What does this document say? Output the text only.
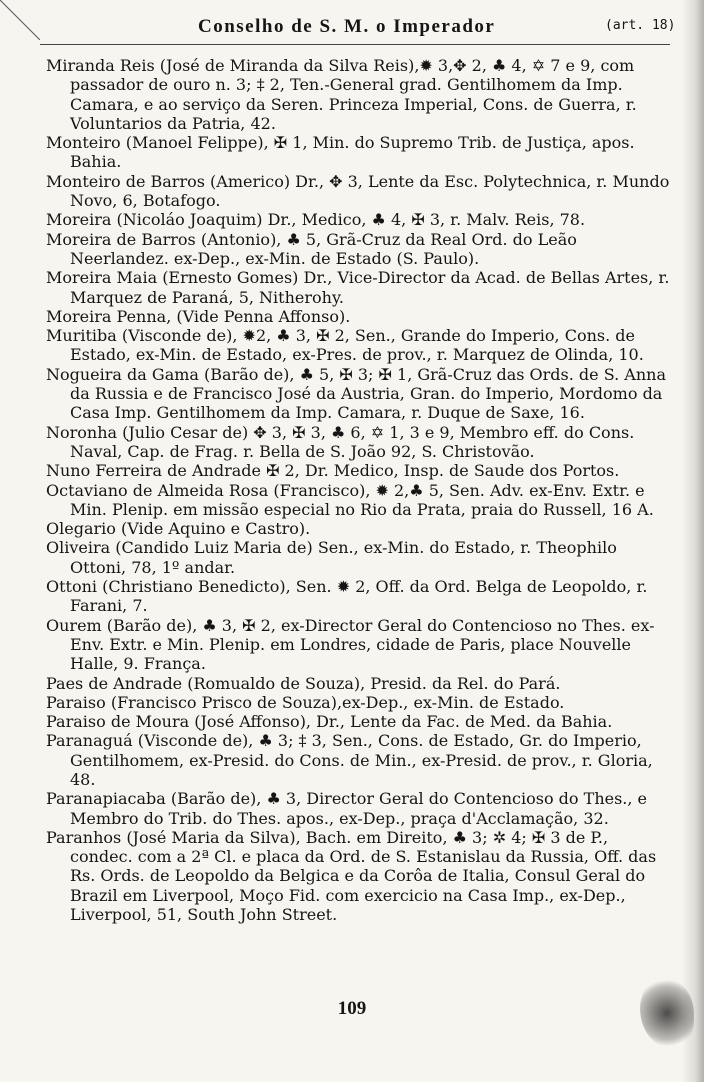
Conselho de S. M. o Imperador	(art. 18)

Miranda Reis (José de Miranda da Silva Reis),✹ 3,✥ 2, ♣ 4, ✡ 7 e 9, com passador de ouro n. 3; ‡ 2, Ten.-General grad. Gentilhomem da Imp. Camara, e ao serviço da Seren. Princeza Imperial, Cons. de Guerra, r. Voluntarios da Patria, 42.

Monteiro (Manoel Felippe), ✠ 1, Min. do Supremo Trib. de Justiça, apos. Bahia.

Monteiro de Barros (Americo) Dr., ✥ 3, Lente da Esc. Polytechnica, r. Mundo Novo, 6, Botafogo.

Moreira (Nicoláo Joaquim) Dr., Medico, ♣ 4, ✠ 3, r. Malv. Reis, 78.

Moreira de Barros (Antonio), ♣ 5, Grã-Cruz da Real Ord. do Leão Neerlandez. ex-Dep., ex-Min. de Estado (S. Paulo).

Moreira Maia (Ernesto Gomes) Dr., Vice-Director da Acad. de Bellas Artes, r. Marquez de Paraná, 5, Nitherohy.

Moreira Penna, (Vide Penna Affonso).

Muritiba (Visconde de), ✹2, ♣ 3, ✠ 2, Sen., Grande do Imperio, Cons. de Estado, ex-Min. de Estado, ex-Pres. de prov., r. Marquez de Olinda, 10.

Nogueira da Gama (Barão de), ♣ 5, ✠ 3; ✠ 1, Grã-Cruz das Ords. de S. Anna da Russia e de Francisco José da Austria, Gran. do Imperio, Mordomo da Casa Imp. Gentilhomem da Imp. Camara, r. Duque de Saxe, 16.

Noronha (Julio Cesar de) ✥ 3, ✠ 3, ♣ 6, ✡ 1, 3 e 9, Membro eff. do Cons. Naval, Cap. de Frag. r. Bella de S. João 92, S. Christovão.

Nuno Ferreira de Andrade ✠ 2, Dr. Medico, Insp. de Saude dos Portos.

Octaviano de Almeida Rosa (Francisco), ✹ 2,♣ 5, Sen. Adv. ex-Env. Extr. e Min. Plenip. em missão especial no Rio da Prata, praia do Russell, 16 A.

Olegario (Vide Aquino e Castro).

Oliveira (Candido Luiz Maria de) Sen., ex-Min. do Estado, r. Theophilo Ottoni, 78, 1º andar.

Ottoni (Christiano Benedicto), Sen. ✹ 2, Off. da Ord. Belga de Leopoldo, r. Farani, 7.

Ourem (Barão de), ♣ 3, ✠ 2, ex-Director Geral do Contencioso no Thes. ex-Env. Extr. e Min. Plenip. em Londres, cidade de Paris, place Nouvelle Halle, 9. França.

Paes de Andrade (Romualdo de Souza), Presid. da Rel. do Pará.

Paraiso (Francisco Prisco de Souza),ex-Dep., ex-Min. de Estado.

Paraiso de Moura (José Affonso), Dr., Lente da Fac. de Med. da Bahia.

Paranaguá (Visconde de), ♣ 3; ‡ 3, Sen., Cons. de Estado, Gr. do Imperio, Gentilhomem, ex-Presid. do Cons. de Min., ex-Presid. de prov., r. Gloria, 48.

Paranapiacaba (Barão de), ♣ 3, Director Geral do Contencioso do Thes., e Membro do Trib. do Thes. apos., ex-Dep., praça d'Acclamação, 32.

Paranhos (José Maria da Silva), Bach. em Direito, ♣ 3; ✲ 4; ✠ 3 de P., condec. com a 2ª Cl. e placa da Ord. de S. Estanislau da Russia, Off. das Rs. Ords. de Leopoldo da Belgica e da Corôa de Italia, Consul Geral do Brazil em Liverpool, Moço Fid. com exercicio na Casa Imp., ex-Dep., Liverpool, 51, South John Street.

109
